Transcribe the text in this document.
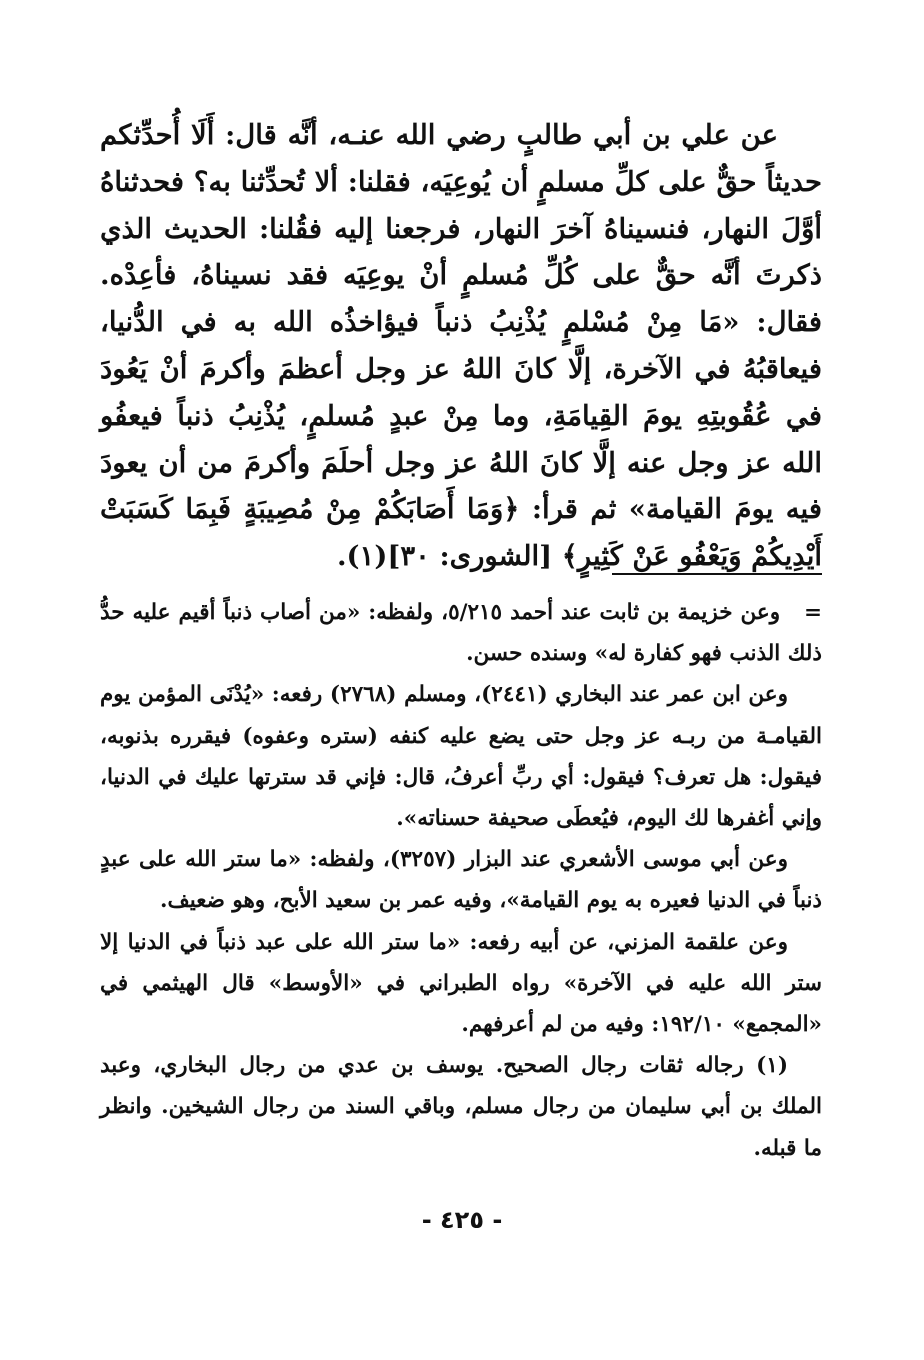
عن علي بن أبي طالبٍ رضي الله عنـه، أنَّه قال: أَلَا أُحدِّثكم حديثاً حقٌّ على كلِّ مسلمٍ أن يُوعِيَه، فقلنا: ألا تُحدِّثنا به؟ فحدثناهُ أوَّلَ النهار، فنسيناهُ آخرَ النهار، فرجعنا إليه فقُلنا: الحديث الذي ذكرتَ أنَّه حقٌّ على كُلِّ مُسلمٍ أنْ يوعِيَه فقد نسيناهُ، فأعِدْه. فقال: «مَا مِنْ مُسْلمٍ يُذْنِبُ ذنباً فيؤاخذُه الله به في الدُّنيا، فيعاقبُهُ في الآخرة، إلَّا كانَ اللهُ عز وجل أعظمَ وأكرمَ أنْ يَعُودَ في عُقُوبتِهِ يومَ القِيامَةِ، وما مِنْ عبدٍ مُسلمٍ، يُذْنِبُ ذنباً فيعفُو الله عز وجل عنه إلَّا كانَ اللهُ عز وجل أحلَمَ وأكرمَ من أن يعودَ فيه يومَ القيامة» ثم قرأ: ﴿وَمَا أَصَابَكُمْ مِنْ مُصِيبَةٍ فَبِمَا كَسَبَتْ أَيْدِيكُمْ وَيَعْفُو عَنْ كَثِيرٍ﴾ [الشورى: ٣٠](١).

=   وعن خزيمة بن ثابت عند أحمد ٥/٢١٥، ولفظه: «من أصاب ذنباً أقيم عليه حدُّ ذلك الذنب فهو كفارة له» وسنده حسن.

وعن ابن عمر عند البخاري (٢٤٤١)، ومسلم (٢٧٦٨) رفعه: «يُدْنَى المؤمن يوم القيامـة من ربـه عز وجل حتى يضع عليه كنفه (ستره وعفوه) فيقرره بذنوبه، فيقول: هل تعرف؟ فيقول: أي ربِّ أعرفُ، قال: فإني قد سترتها عليك في الدنيا، وإني أغفرها لك اليوم، فيُعطَى صحيفة حسناته».

وعن أبي موسى الأشعري عند البزار (٣٢٥٧)، ولفظه: «ما ستر الله على عبدٍ ذنباً في الدنيا فعيره به يوم القيامة»، وفيه عمر بن سعيد الأبح، وهو ضعيف.

وعن علقمة المزني، عن أبيه رفعه: «ما ستر الله على عبد ذنباً في الدنيا إلا ستر الله عليه في الآخرة» رواه الطبراني في «الأوسط» قال الهيثمي في «المجمع» ١٩٢/١٠: وفيه من لم أعرفهم.

(١) رجاله ثقات رجال الصحيح. يوسف بن عدي من رجال البخاري، وعبد الملك بن أبي سليمان من رجال مسلم، وباقي السند من رجال الشيخين. وانظر ما قبله.

- ٤٢٥ -
